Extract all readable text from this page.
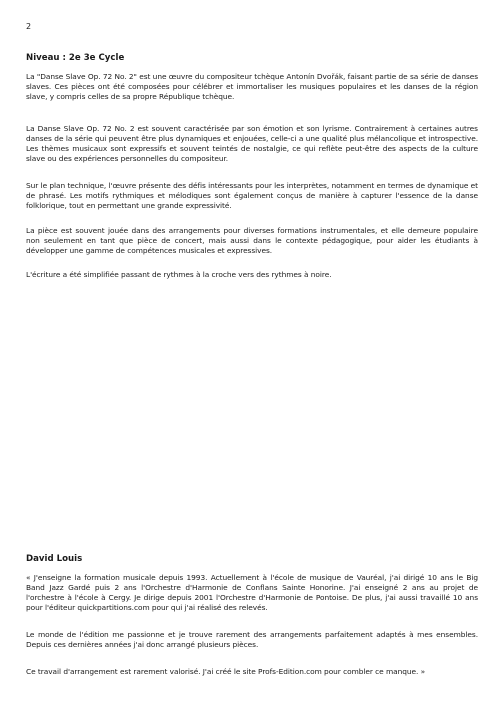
2
Niveau : 2e 3e Cycle

La "Danse Slave Op. 72 No. 2" est une œuvre du compositeur tchèque Antonín Dvořák, faisant partie de sa série de danses slaves. Ces pièces ont été composées pour célébrer et immortaliser les musiques populaires et les danses de la région slave, y compris celles de sa propre République tchèque.

La Danse Slave Op. 72 No. 2 est souvent caractérisée par son émotion et son lyrisme. Contrairement à certaines autres danses de la série qui peuvent être plus dynamiques et enjouées, celle-ci a une qualité plus mélancolique et introspective. Les thèmes musicaux sont expressifs et souvent teintés de nostalgie, ce qui reflète peut-être des aspects de la culture slave ou des expériences personnelles du compositeur.

Sur le plan technique, l'œuvre présente des défis intéressants pour les interprètes, notamment en termes de dynamique et de phrasé. Les motifs rythmiques et mélodiques sont également conçus de manière à capturer l'essence de la danse folklorique, tout en permettant une grande expressivité.

La pièce est souvent jouée dans des arrangements pour diverses formations instrumentales, et elle demeure populaire non seulement en tant que pièce de concert, mais aussi dans le contexte pédagogique, pour aider les étudiants à développer une gamme de compétences musicales et expressives.

L'écriture a été simplifiée passant de rythmes à la croche vers des rythmes à noire.

David Louis

« J'enseigne la formation musicale depuis 1993. Actuellement à l'école de musique de Vauréal, j'ai dirigé 10 ans le Big Band Jazz Gardé puis 2 ans l'Orchestre d'Harmonie de Conflans Sainte Honorine. J'ai enseigné 2 ans au projet de l'orchestre à l'école à Cergy. Je dirige depuis 2001 l'Orchestre d'Harmonie de Pontoise. De plus, j'ai aussi travaillé 10 ans pour l'éditeur quickpartitions.com pour qui j'ai réalisé des relevés.

Le monde de l'édition me passionne et je trouve rarement des arrangements parfaitement adaptés à mes ensembles. Depuis ces dernières années j'ai donc arrangé plusieurs pièces.

Ce travail d'arrangement est rarement valorisé. J'ai créé le site Profs-Edition.com pour combler ce manque. »
